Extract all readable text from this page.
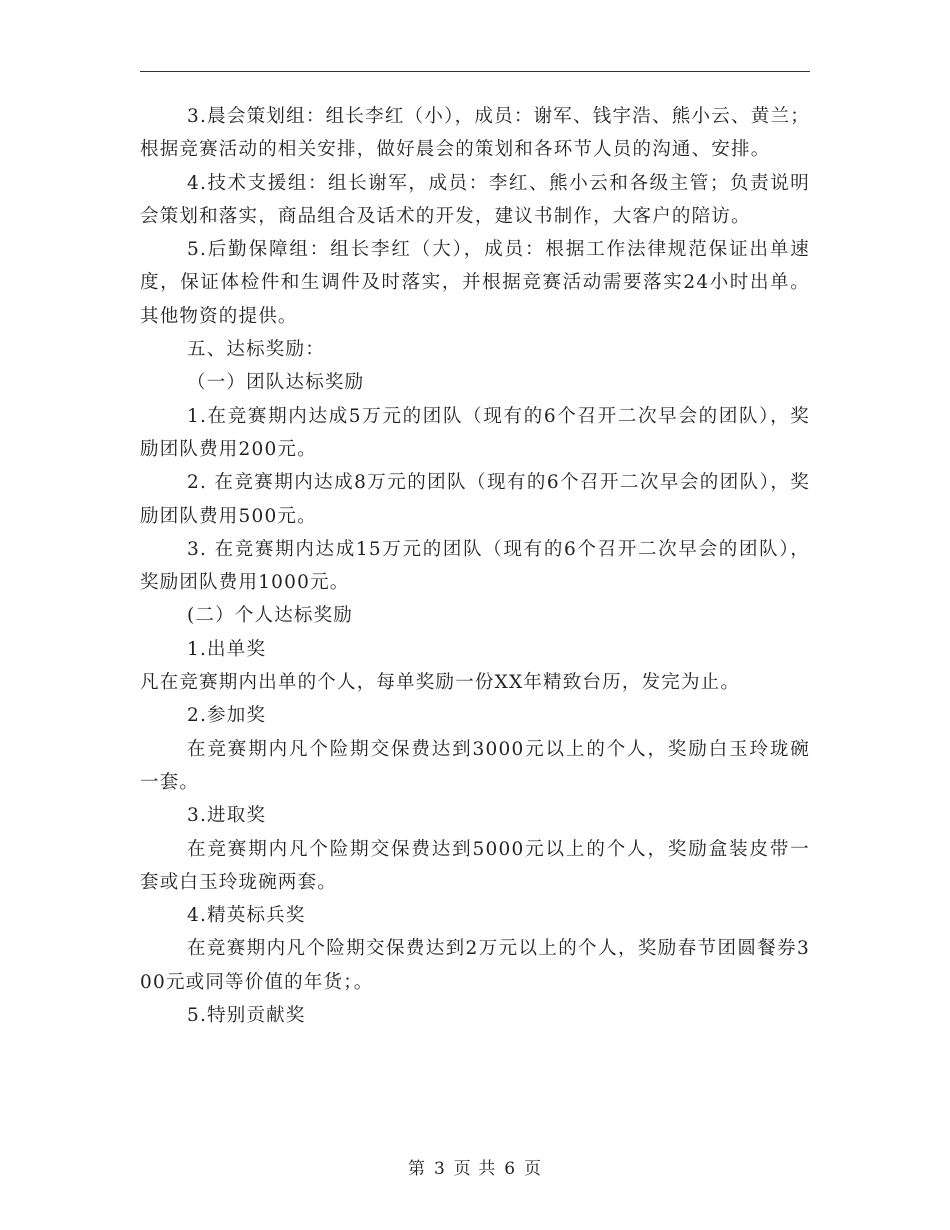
3.晨会策划组：组长李红（小），成员：谢军、钱宇浩、熊小云、黄兰；根据竞赛活动的相关安排，做好晨会的策划和各环节人员的沟通、安排。

4.技术支援组：组长谢军，成员：李红、熊小云和各级主管；负责说明会策划和落实，商品组合及话术的开发，建议书制作，大客户的陪访。

5.后勤保障组：组长李红（大），成员：根据工作法律规范保证出单速度，保证体检件和生调件及时落实，并根据竞赛活动需要落实24小时出单。其他物资的提供。

五、达标奖励：

（一）团队达标奖励

1.在竞赛期内达成5万元的团队（现有的6个召开二次早会的团队），奖励团队费用200元。

2. 在竞赛期内达成8万元的团队（现有的6个召开二次早会的团队），奖励团队费用500元。

3. 在竞赛期内达成15万元的团队（现有的6个召开二次早会的团队），奖励团队费用1000元。

(二）个人达标奖励

1.出单奖

凡在竞赛期内出单的个人，每单奖励一份XX年精致台历，发完为止。

2.参加奖

在竞赛期内凡个险期交保费达到3000元以上的个人，奖励白玉玲珑碗一套。

3.进取奖

在竞赛期内凡个险期交保费达到5000元以上的个人，奖励盒装皮带一套或白玉玲珑碗两套。

4.精英标兵奖

在竞赛期内凡个险期交保费达到2万元以上的个人，奖励春节团圆餐券300元或同等价值的年货；。

5.特别贡献奖

第 3 页 共 6 页
